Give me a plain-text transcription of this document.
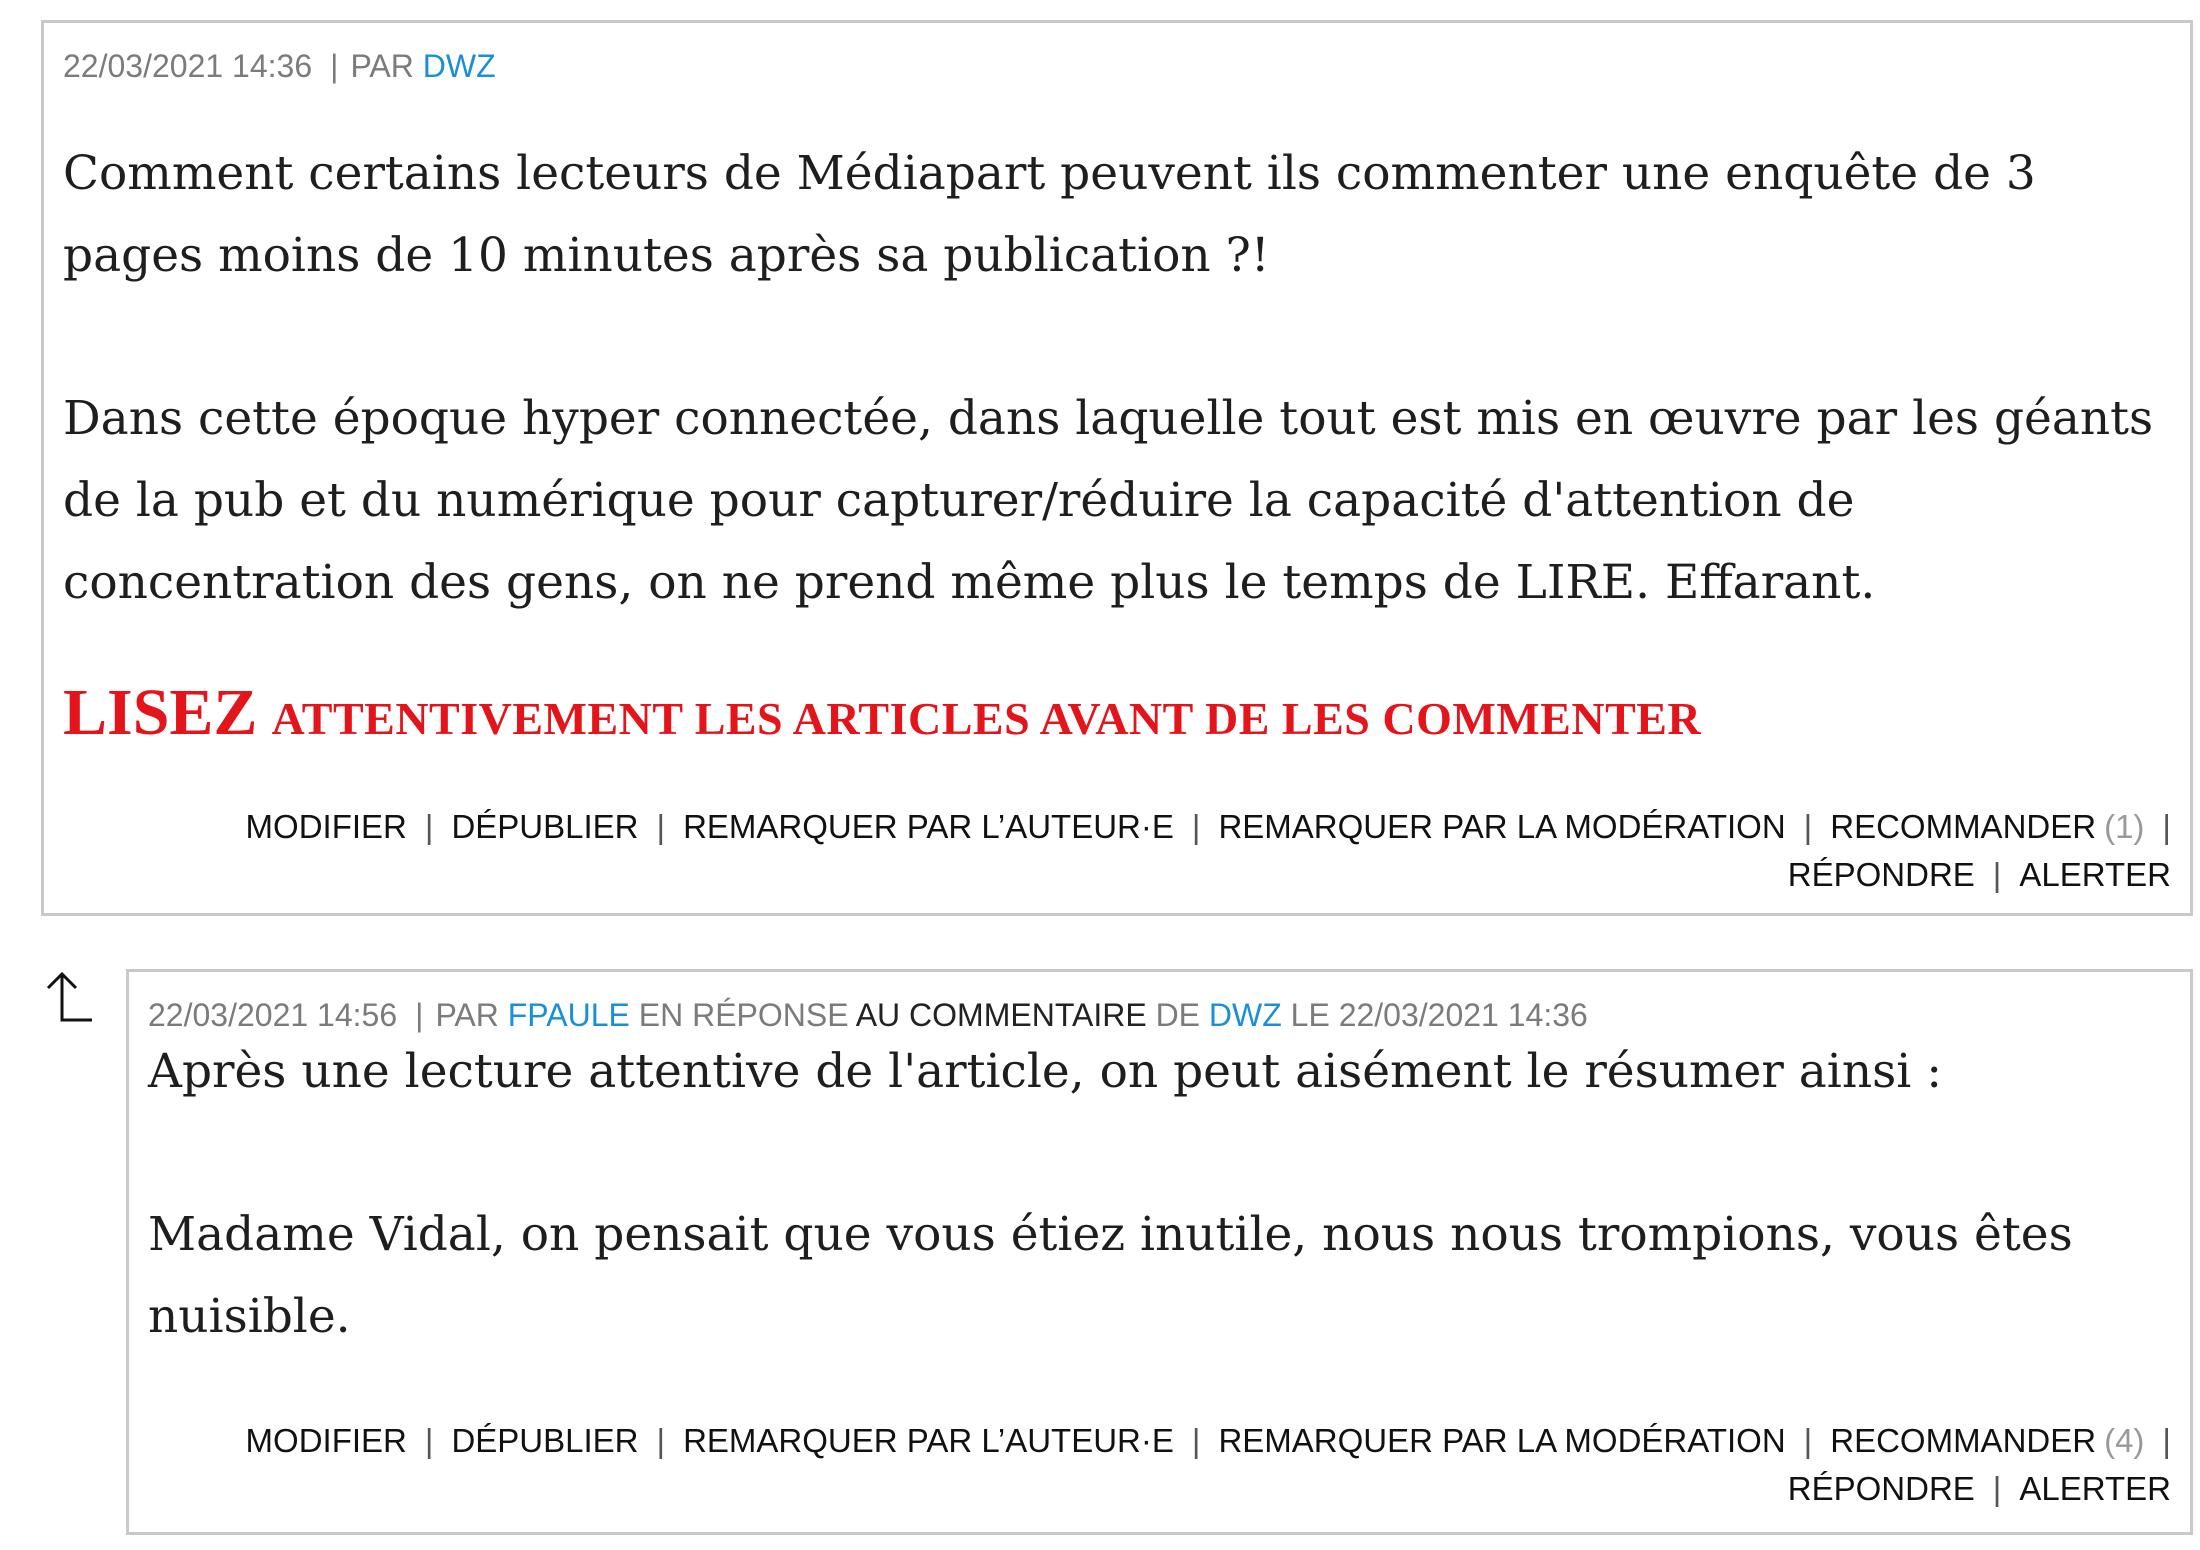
22/03/2021 14:36 | PAR DWZ

Comment certains lecteurs de Médiapart peuvent ils commenter une enquête de 3 pages moins de 10 minutes après sa publication ?!

Dans cette époque hyper connectée, dans laquelle tout est mis en œuvre par les géants de la pub et du numérique pour capturer/réduire la capacité d'attention de concentration des gens, on ne prend même plus le temps de LIRE. Effarant.

LISEZ ATTENTIVEMENT LES ARTICLES AVANT DE LES COMMENTER
MODIFIER | DÉPUBLIER | REMARQUER PAR L’AUTEUR·E | REMARQUER PAR LA MODÉRATION | RECOMMANDER (1) |
RÉPONDRE | ALERTER
22/03/2021 14:56 | PAR FPAULE EN RÉPONSE AU COMMENTAIRE DE DWZ LE 22/03/2021 14:36

Après une lecture attentive de l'article, on peut aisément le résumer ainsi :

Madame Vidal, on pensait que vous étiez inutile, nous nous trompions, vous êtes nuisible.

MODIFIER | DÉPUBLIER | REMARQUER PAR L’AUTEUR·E | REMARQUER PAR LA MODÉRATION | RECOMMANDER (4) |
RÉPONDRE | ALERTER
